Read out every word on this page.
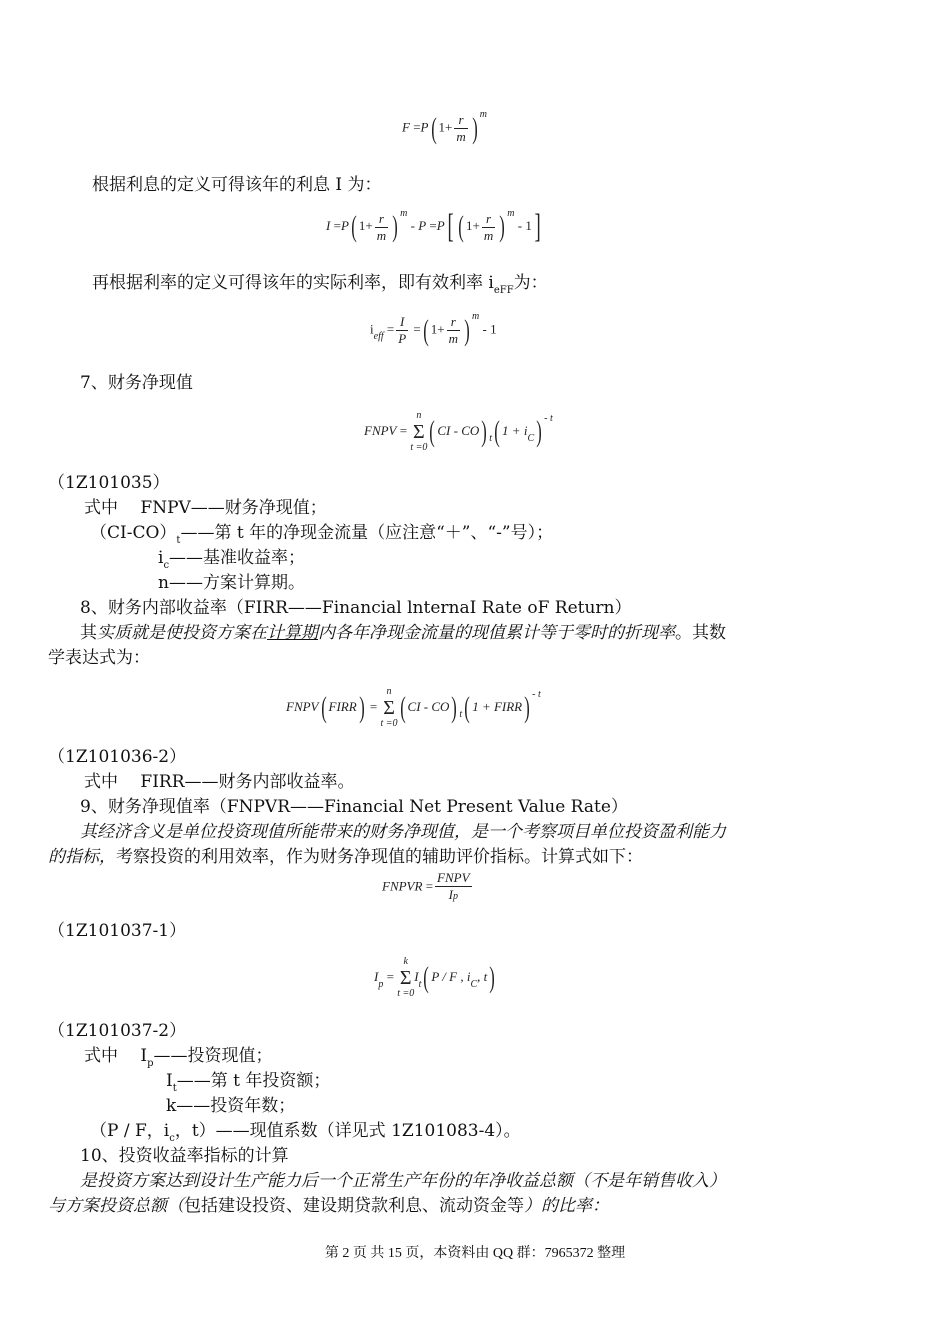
F =P( $1+ \frac{r}{m}$ ) $^m$
根据利息的定义可得该年的利息 I 为：
I =P( $1+ \frac{r}{m}$ ) $^m$ - P =P[ ( $1+ \frac{r}{m}$ ) $^m$ - 1]
再根据利率的定义可得该年的实际利率，即有效利率 $i_{eFF}$为：
$i_{eff} = \frac{I}{P}$ =( $1+ \frac{r}{m}$ ) $^m$ - 1
7、财务净现值
FNPV =
n
Σ
t =0 ( CI - CO) $_t$( $1 + i_C$) $^{- t}$
（1Z101035）
式中　 FNPV——财务净现值；
$(CI-CO)_t——$第 t 年的净现金流量（应注意“＋”、“-”号）；
$i_c——$基准收益率；
n——方案计算期。
8、财务内部收益率（FIRR——Financial lnternaI Rate oF Return）
其实质就是使投资方案在计算期内各年净现金流量的现值累计等于零时的折现率。其数
学表达式为：
FNPV( FIRR) =
n
Σ
t =0 ( CI - CO) $_t$( 1 + FIRR) $^{- t}$
（1Z101036-2）
式中　 FIRR——财务内部收益率。
9、财务净现值率（FNPVR——Financial Net Present Value Rate）
其经济含义是单位投资现值所能带来的财务净现值，是一个考察项目单位投资盈利能力
的指标，考察投资的利用效率，作为财务净现值的辅助评价指标。计算式如下：
FNPVR = $\frac{\text{FNPV}}{Ip}$
（1Z101037-1）
$I_p$ =
k
Σ
t =0
$I_t$( P / F , $i_C$, t)
（1Z101037-2）
式中　 $I_p——$投资现值；
$I_t——$第 t 年投资额；
k——投资年数；
（P / F，$i_c$，t）——现值系数（详见式 1Z101083-4）。
10、投资收益率指标的计算
是投资方案达到设计生产能力后一个正常生产年份的年净收益总额（不是年销售收入）
与方案投资总额（包括建设投资、建设期贷款利息、流动资金等）的比率：
第 2 页 共 15 页，本资料由 QQ 群：7965372 整理
